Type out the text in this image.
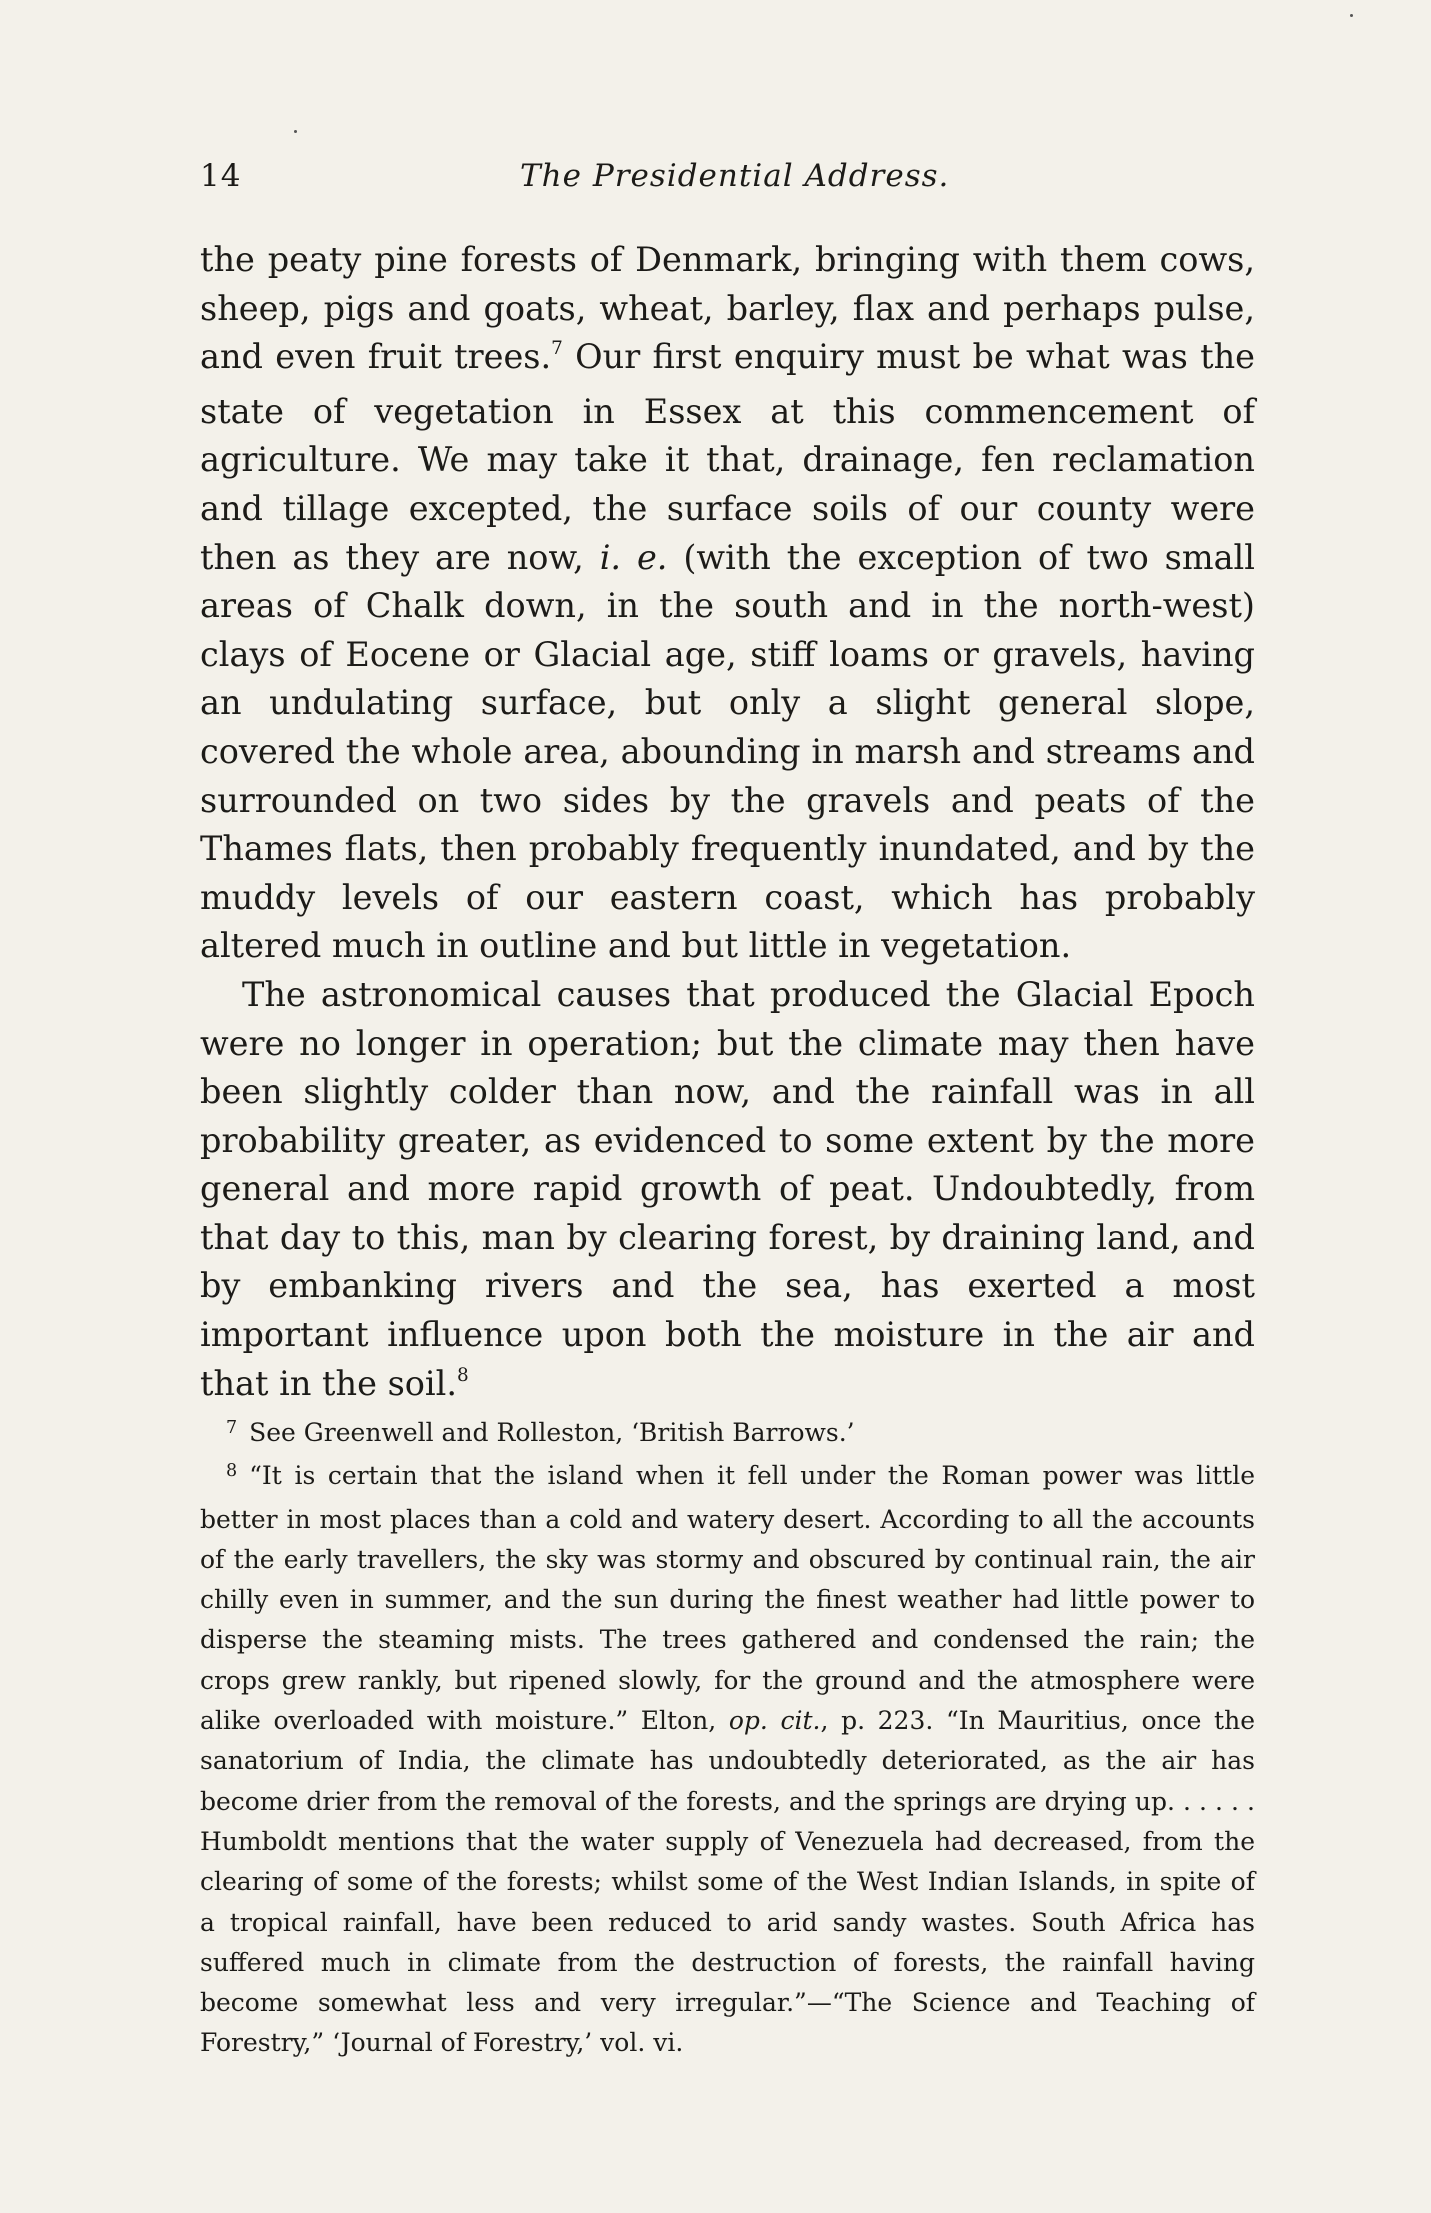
14	The Presidential Address.

the peaty pine forests of Denmark, bringing with them cows, sheep, pigs and goats, wheat, barley, flax and perhaps pulse, and even fruit trees.$^7$ Our first enquiry must be what was the state of vegetation in Essex at this commencement of agriculture. We may take it that, drainage, fen reclamation and tillage excepted, the surface soils of our county were then as they are now, i. e. (with the exception of two small areas of Chalk down, in the south and in the north-west) clays of Eocene or Glacial age, stiff loams or gravels, having an undulating surface, but only a slight general slope, covered the whole area, abounding in marsh and streams and surrounded on two sides by the gravels and peats of the Thames flats, then probably frequently inundated, and by the muddy levels of our eastern coast, which has probably altered much in outline and but little in vegetation.

The astronomical causes that produced the Glacial Epoch were no longer in operation; but the climate may then have been slightly colder than now, and the rainfall was in all probability greater, as evidenced to some extent by the more general and more rapid growth of peat. Undoubtedly, from that day to this, man by clearing forest, by draining land, and by embanking rivers and the sea, has exerted a most important influence upon both the moisture in the air and that in the soil.$^8$

$^7$ See Greenwell and Rolleston, ‘British Barrows.’

$^8$ “It is certain that the island when it fell under the Roman power was little better in most places than a cold and watery desert. According to all the accounts of the early travellers, the sky was stormy and obscured by continual rain, the air chilly even in summer, and the sun during the finest weather had little power to disperse the steaming mists. The trees gathered and condensed the rain; the crops grew rankly, but ripened slowly, for the ground and the atmosphere were alike overloaded with moisture.” Elton, op. cit., p. 223. “In Mauritius, once the sanatorium of India, the climate has undoubtedly deteriorated, as the air has become drier from the removal of the forests, and the springs are drying up. . . . . . Humboldt mentions that the water supply of Venezuela had decreased, from the clearing of some of the forests; whilst some of the West Indian Islands, in spite of a tropical rainfall, have been reduced to arid sandy wastes. South Africa has suffered much in climate from the destruction of forests, the rainfall having become somewhat less and very irregular.”—“The Science and Teaching of Forestry,” ‘Journal of Forestry,’ vol. vi.
